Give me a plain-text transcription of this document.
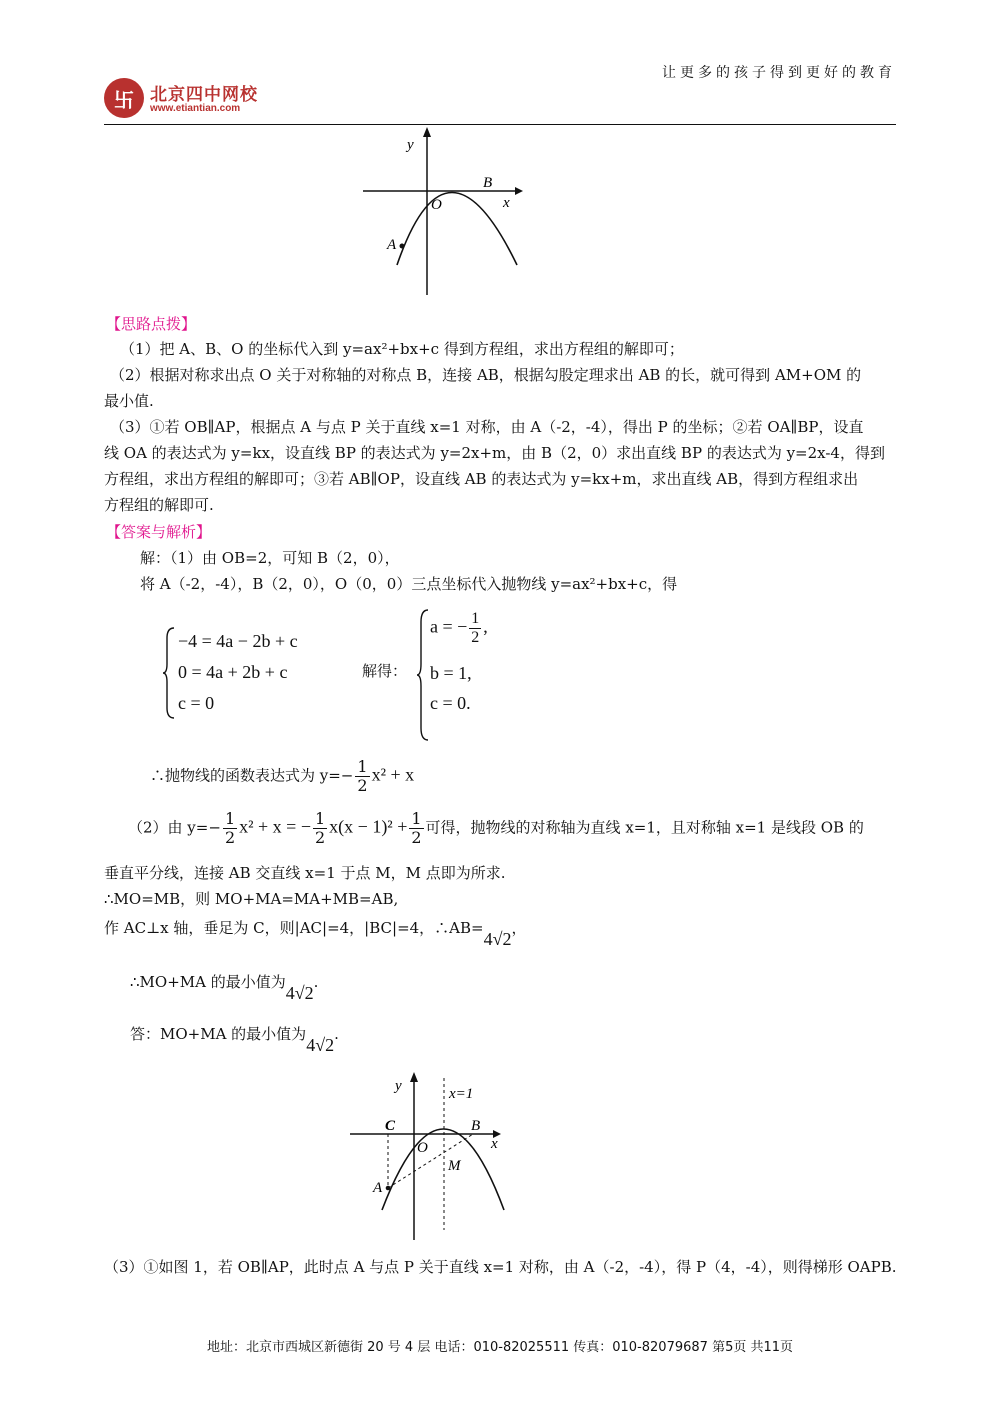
卐 北京四中网校
www.etiantian.com
让更多的孩子得到更好的教育
y
x
O
A
B
【思路点拨】
（1）把 A、B、O 的坐标代入到 y=ax²+bx+c 得到方程组，求出方程组的解即可；
（2）根据对称求出点 O 关于对称轴的对称点 B，连接 AB，根据勾股定理求出 AB 的长，就可得到 AM+OM 的
最小值.
（3）①若 OB∥AP，根据点 A 与点 P 关于直线 x=1 对称，由 A（-2，-4），得出 P 的坐标；②若 OA∥BP，设直
线 OA 的表达式为 y=kx，设直线 BP 的表达式为 y=2x+m，由 B（2，0）求出直线 BP 的表达式为 y=2x-4，得到
方程组，求出方程组的解即可；③若 AB∥OP，设直线 AB 的表达式为 y=kx+m，求出直线 AB，得到方程组求出
方程组的解即可.
【答案与解析】
解：（1）由 OB=2，可知 B（2，0），
将 A（-2，-4），B（2，0），O（0，0）三点坐标代入抛物线 y=ax²+bx+c，得
−4 = 4a − 2b + c
0 = 4a + 2b + c
c = 0
解得：
a = − $\frac{1}{2}$ ,
b = 1,
c = 0.
∴抛物线的函数表达式为 $y=- \frac{1}{2} x^2 + x$
（2）由 $y=- \frac{1}{2} x^2 + x$ = − $\frac{1}{2} x(x - 1)^2 + \frac{1}{2}$ 可得，抛物线的对称轴为直线 x=1，且对称轴 x=1 是线段 OB 的
垂直平分线，连接 AB 交直线 x=1 于点 M，M 点即为所求.
∴MO=MB，则 MO+MA=MA+MB=AB,
作 AC⊥x 轴，垂足为 C，则|AC|=4，|BC|=4，∴AB=4√2，
∴MO+MA 的最小值为4√2.
答：MO+MA 的最小值为4√2.
y	x=1
x
C
O
B
M
A
（3）①如图 1，若 OB∥AP，此时点 A 与点 P 关于直线 x=1 对称，由 A（-2，-4），得 P（4，-4），则得梯形 OAPB.
地址：北京市西城区新德街 20 号 4 层 电话：010-82025511 传真：010-82079687 第5页 共11页
